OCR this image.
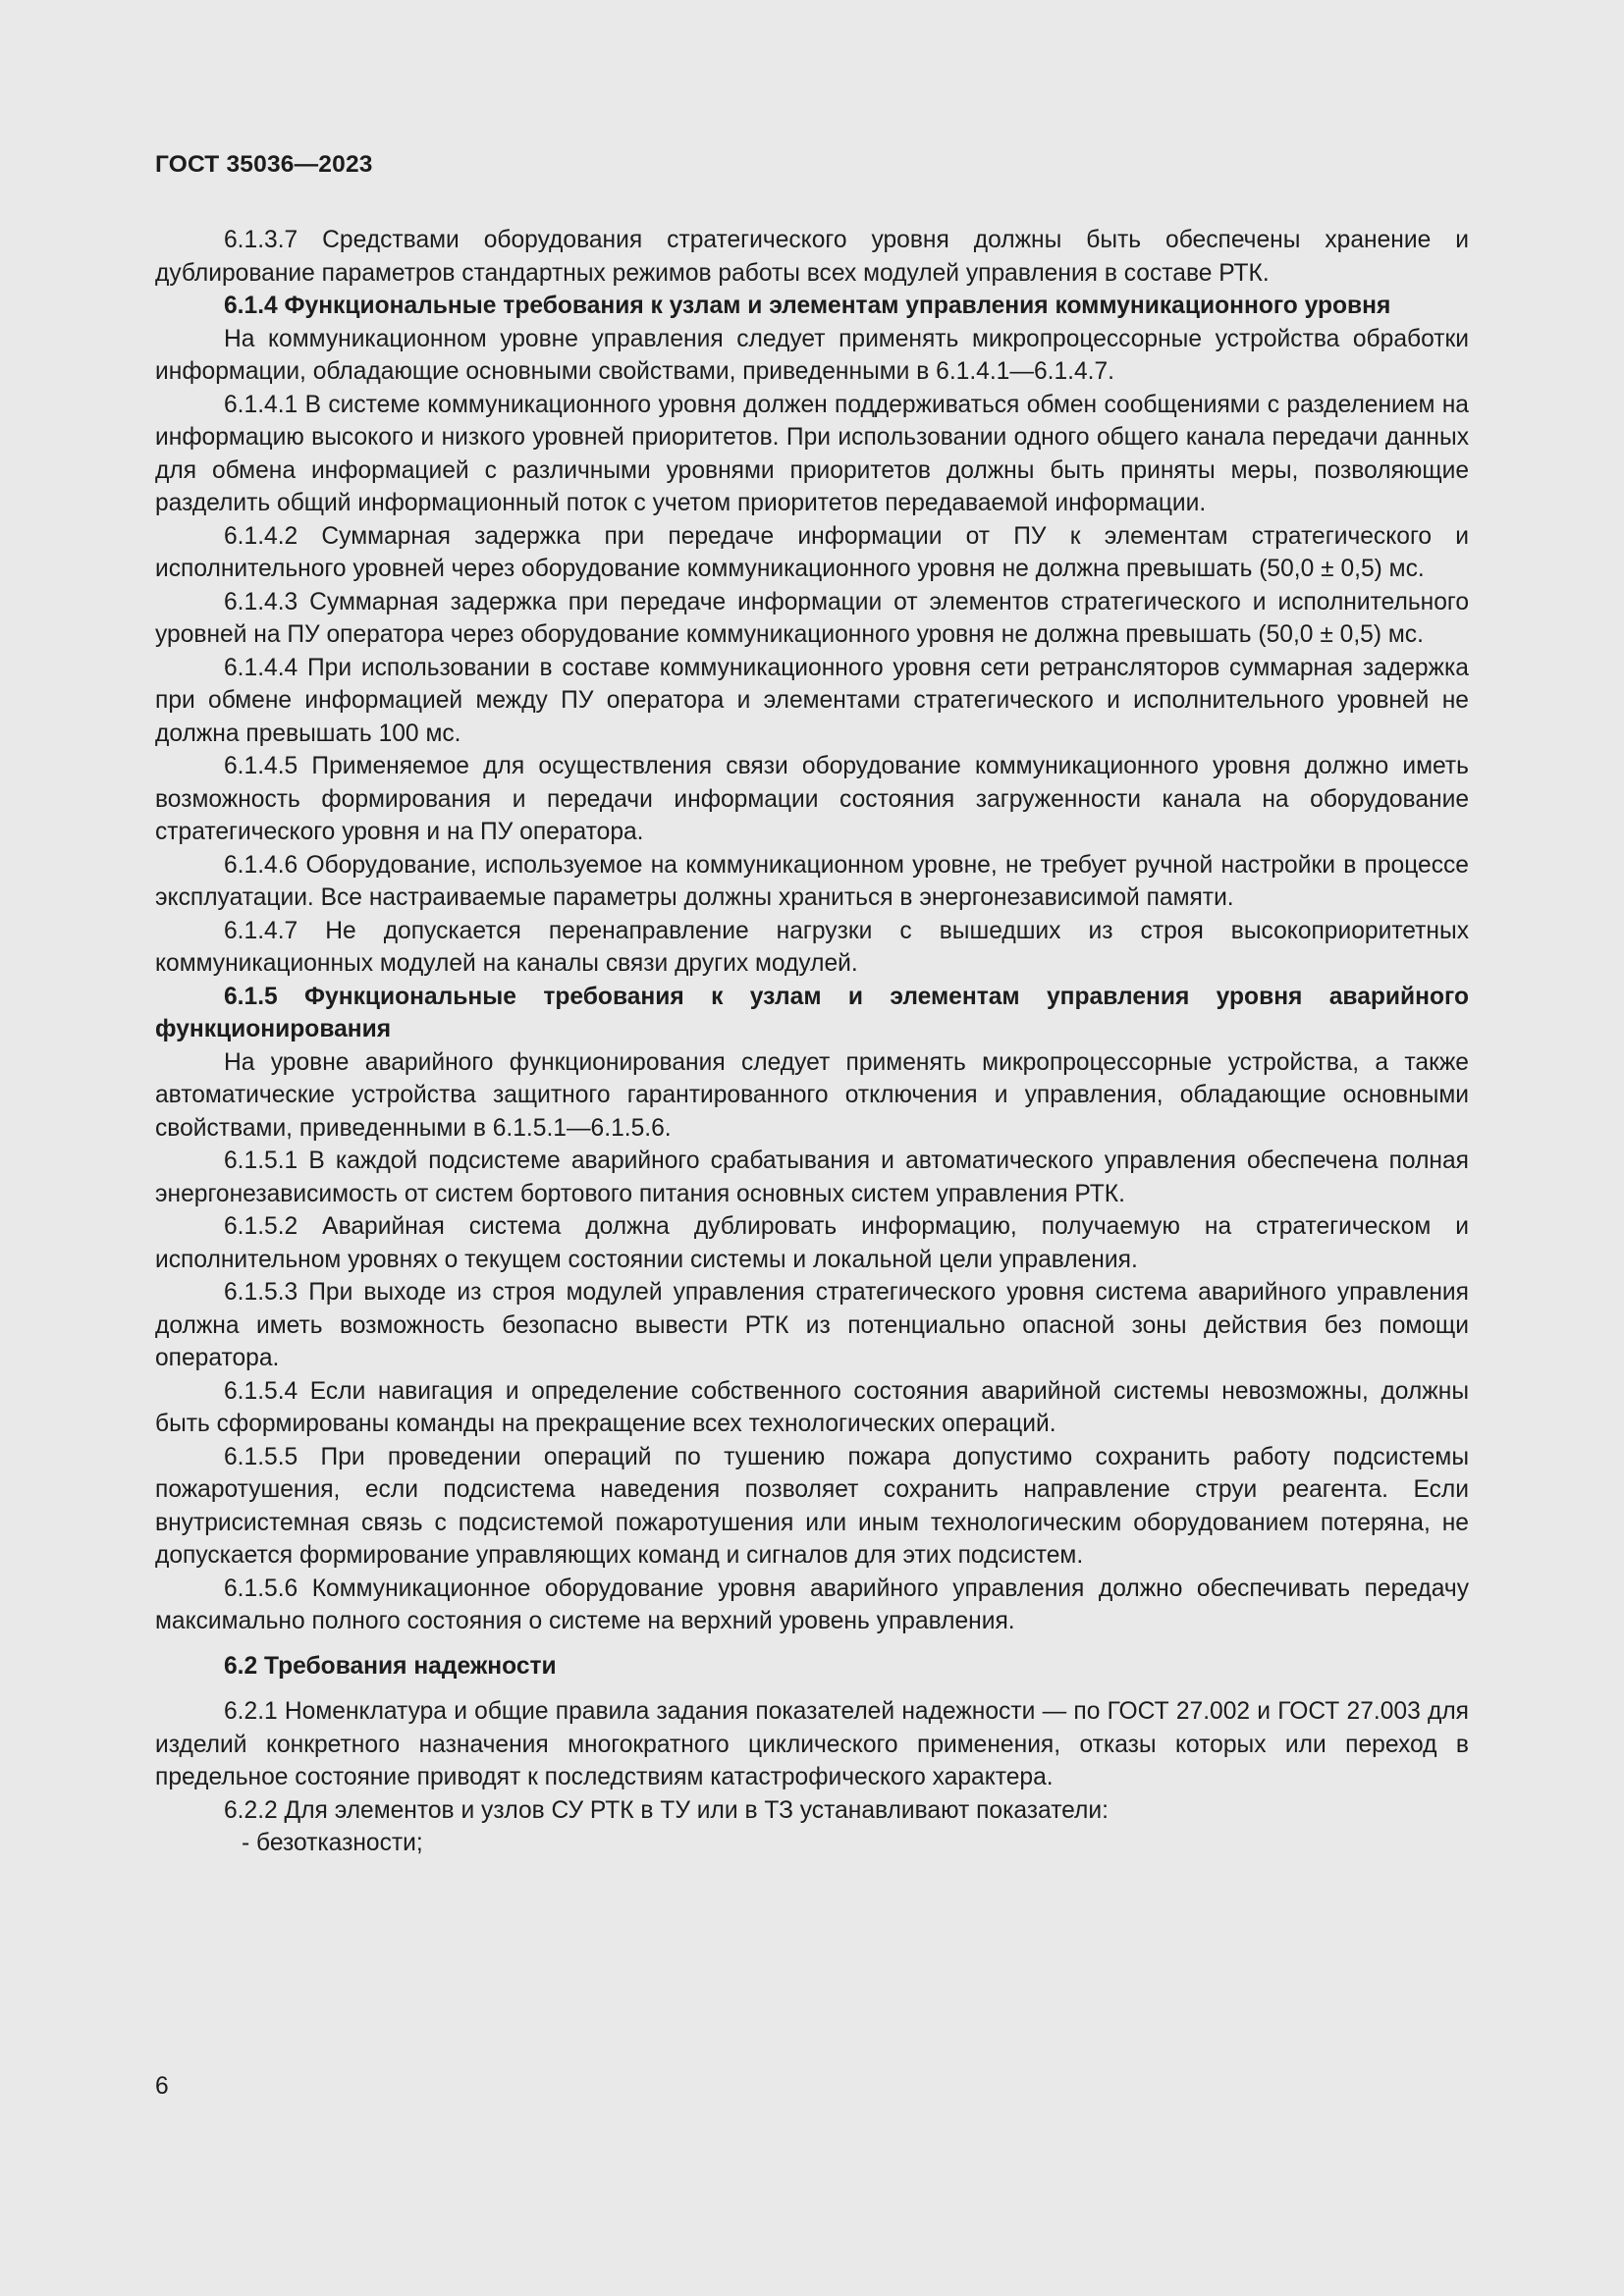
ГОСТ 35036—2023

6.1.3.7 Средствами оборудования стратегического уровня должны быть обеспечены хранение и дублирование параметров стандартных режимов работы всех модулей управления в составе РТК.

6.1.4 Функциональные требования к узлам и элементам управления коммуникационного уровня

На коммуникационном уровне управления следует применять микропроцессорные устройства обработки информации, обладающие основными свойствами, приведенными в 6.1.4.1—6.1.4.7.

6.1.4.1 В системе коммуникационного уровня должен поддерживаться обмен сообщениями с разделением на информацию высокого и низкого уровней приоритетов. При использовании одного общего канала передачи данных для обмена информацией с различными уровнями приоритетов должны быть приняты меры, позволяющие разделить общий информационный поток с учетом приоритетов передаваемой информации.

6.1.4.2 Суммарная задержка при передаче информации от ПУ к элементам стратегического и исполнительного уровней через оборудование коммуникационного уровня не должна превышать (50,0 ± 0,5) мс.

6.1.4.3 Суммарная задержка при передаче информации от элементов стратегического и исполнительного уровней на ПУ оператора через оборудование коммуникационного уровня не должна превышать (50,0 ± 0,5) мс.

6.1.4.4 При использовании в составе коммуникационного уровня сети ретрансляторов суммарная задержка при обмене информацией между ПУ оператора и элементами стратегического и исполнительного уровней не должна превышать 100 мс.

6.1.4.5 Применяемое для осуществления связи оборудование коммуникационного уровня должно иметь возможность формирования и передачи информации состояния загруженности канала на оборудование стратегического уровня и на ПУ оператора.

6.1.4.6 Оборудование, используемое на коммуникационном уровне, не требует ручной настройки в процессе эксплуатации. Все настраиваемые параметры должны храниться в энергонезависимой памяти.

6.1.4.7 Не допускается перенаправление нагрузки с вышедших из строя высокоприоритетных коммуникационных модулей на каналы связи других модулей.

6.1.5 Функциональные требования к узлам и элементам управления уровня аварийного функционирования

На уровне аварийного функционирования следует применять микропроцессорные устройства, а также автоматические устройства защитного гарантированного отключения и управления, обладающие основными свойствами, приведенными в 6.1.5.1—6.1.5.6.

6.1.5.1 В каждой подсистеме аварийного срабатывания и автоматического управления обеспечена полная энергонезависимость от систем бортового питания основных систем управления РТК.

6.1.5.2 Аварийная система должна дублировать информацию, получаемую на стратегическом и исполнительном уровнях о текущем состоянии системы и локальной цели управления.

6.1.5.3 При выходе из строя модулей управления стратегического уровня система аварийного управления должна иметь возможность безопасно вывести РТК из потенциально опасной зоны действия без помощи оператора.

6.1.5.4 Если навигация и определение собственного состояния аварийной системы невозможны, должны быть сформированы команды на прекращение всех технологических операций.

6.1.5.5 При проведении операций по тушению пожара допустимо сохранить работу подсистемы пожаротушения, если подсистема наведения позволяет сохранить направление струи реагента. Если внутрисистемная связь с подсистемой пожаротушения или иным технологическим оборудованием потеряна, не допускается формирование управляющих команд и сигналов для этих подсистем.

6.1.5.6 Коммуникационное оборудование уровня аварийного управления должно обеспечивать передачу максимально полного состояния о системе на верхний уровень управления.

6.2 Требования надежности

6.2.1 Номенклатура и общие правила задания показателей надежности — по ГОСТ 27.002 и ГОСТ 27.003 для изделий конкретного назначения многократного циклического применения, отказы которых или переход в предельное состояние приводят к последствиям катастрофического характера.

6.2.2 Для элементов и узлов СУ РТК в ТУ или в ТЗ устанавливают показатели:

- безотказности;

6
